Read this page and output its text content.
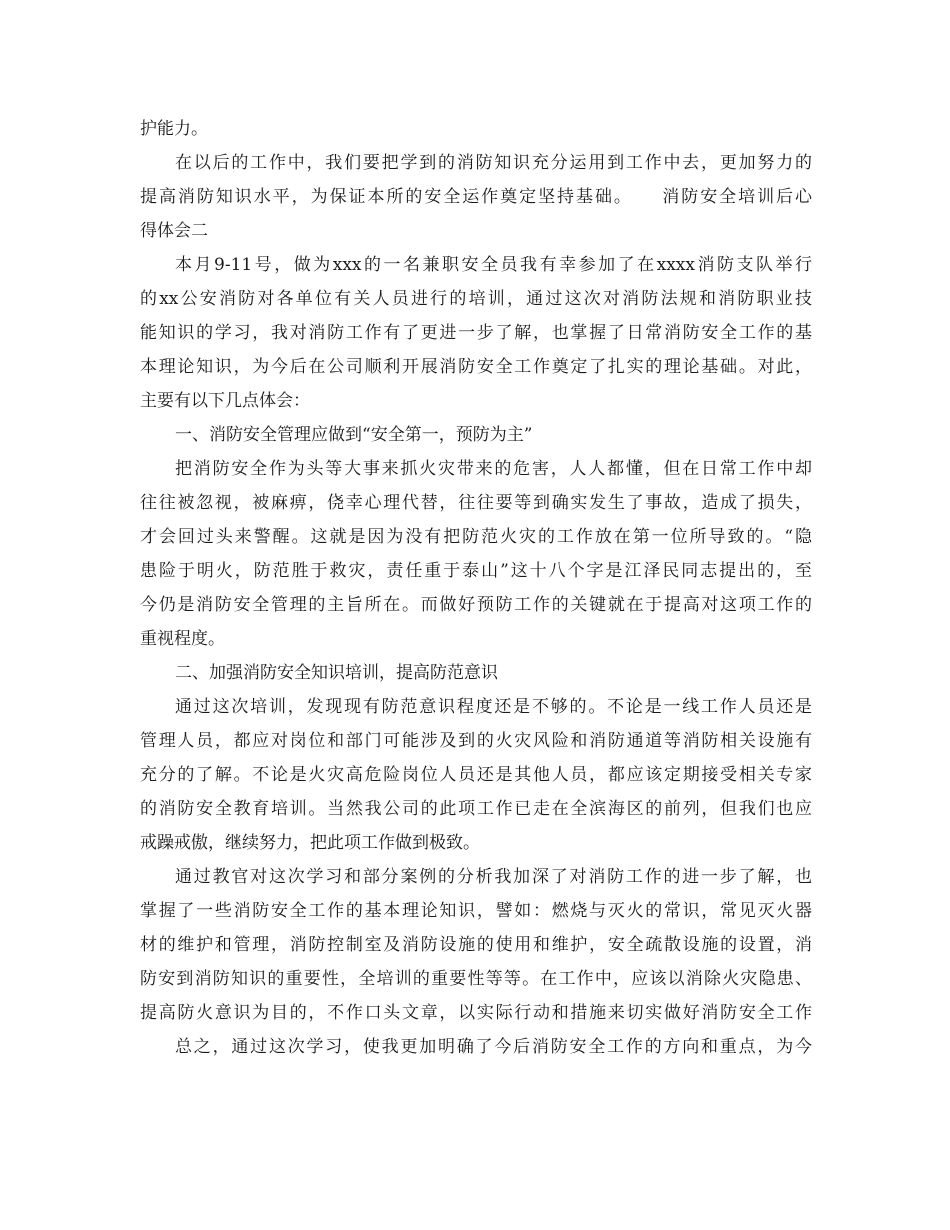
护能力。
在以后的工作中，我们要把学到的消防知识充分运用到工作中去，更加努力的
提高消防知识水平，为保证本所的安全运作奠定坚持基础。　　消防安全培训后心
得体会二
本月9-11号，做为xxx的一名兼职安全员我有幸参加了在xxxx消防支队举行
的xx公安消防对各单位有关人员进行的培训，通过这次对消防法规和消防职业技
能知识的学习，我对消防工作有了更进一步了解，也掌握了日常消防安全工作的基
本理论知识，为今后在公司顺利开展消防安全工作奠定了扎实的理论基础。对此，
主要有以下几点体会：
一、消防安全管理应做到“安全第一，预防为主”
把消防安全作为头等大事来抓火灾带来的危害，人人都懂，但在日常工作中却
往往被忽视，被麻痹，侥幸心理代替，往往要等到确实发生了事故，造成了损失，
才会回过头来警醒。这就是因为没有把防范火灾的工作放在第一位所导致的。“隐
患险于明火，防范胜于救灾，责任重于泰山”这十八个字是江泽民同志提出的，至
今仍是消防安全管理的主旨所在。而做好预防工作的关键就在于提高对这项工作的
重视程度。
二、加强消防安全知识培训，提高防范意识
通过这次培训，发现现有防范意识程度还是不够的。不论是一线工作人员还是
管理人员，都应对岗位和部门可能涉及到的火灾风险和消防通道等消防相关设施有
充分的了解。不论是火灾高危险岗位人员还是其他人员，都应该定期接受相关专家
的消防安全教育培训。当然我公司的此项工作已走在全滨海区的前列，但我们也应
戒躁戒傲，继续努力，把此项工作做到极致。
通过教官对这次学习和部分案例的分析我加深了对消防工作的进一步了解，也
掌握了一些消防安全工作的基本理论知识，譬如：燃烧与灭火的常识，常见灭火器
材的维护和管理，消防控制室及消防设施的使用和维护，安全疏散设施的设置，消
防安到消防知识的重要性，全培训的重要性等等。在工作中，应该以消除火灾隐患、
提高防火意识为目的，不作口头文章，以实际行动和措施来切实做好消防安全工作
总之，通过这次学习，使我更加明确了今后消防安全工作的方向和重点，为今
